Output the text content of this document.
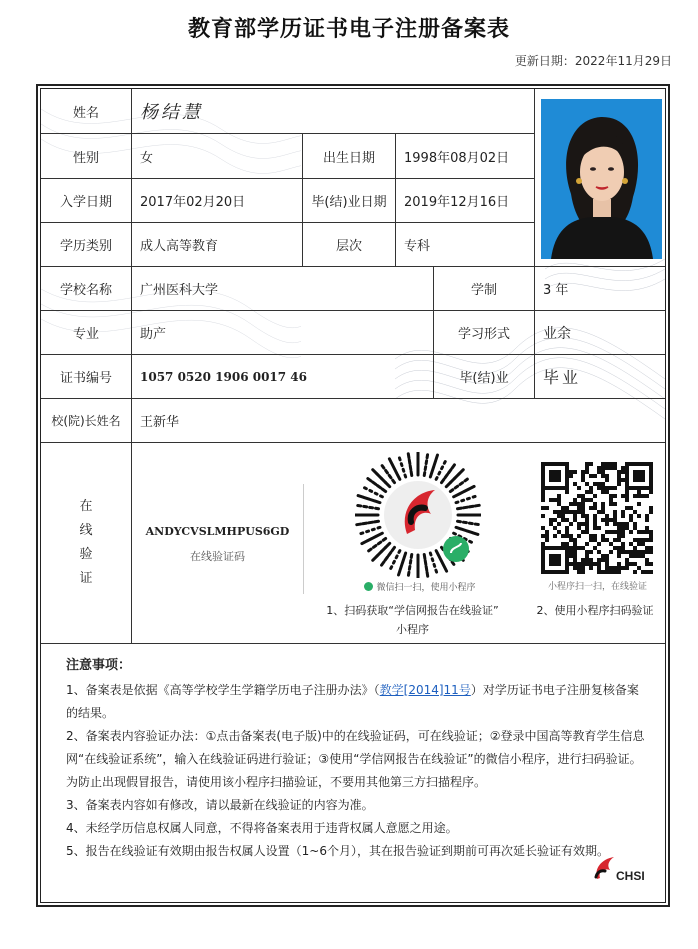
教育部学历证书电子注册备案表
更新日期：2022年11月29日
姓名	杨结慧
性别	女	出生日期	1998年08月02日
入学日期	2017年02月20日	毕(结)业日期	2019年12月16日
学历类别	成人高等教育	层次	专科
学校名称	广州医科大学	学制	3 年
专业	助产	学习形式	业余
证书编号	1057 0520 1906 0017 46	毕(结)业	毕业
校(院)长姓名	王新华
在
线
验
证
ANDYCVSLMHPUS6GD
在线验证码
微信扫一扫，使用小程序	小程序扫一扫，在线验证
1、扫码获取“学信网报告在线验证”
小程序
2、使用小程序扫码验证
注意事项：
1、备案表是依据《高等学校学生学籍学历电子注册办法》（教学[2014]11号）对学历证书电子注册复核备案的结果。
2、备案表内容验证办法：①点击备案表(电子版)中的在线验证码，可在线验证；②登录中国高等教育学生信息网“在线验证系统”，输入在线验证码进行验证；③使用“学信网报告在线验证”的微信小程序，进行扫码验证。为防止出现假冒报告，请使用该小程序扫描验证，不要用其他第三方扫描程序。
3、备案表内容如有修改，请以最新在线验证的内容为准。
4、未经学历信息权属人同意，不得将备案表用于违背权属人意愿之用途。
5、报告在线验证有效期由报告权属人设置（1~6个月），其在报告验证到期前可再次延长验证有效期。
CHSI
